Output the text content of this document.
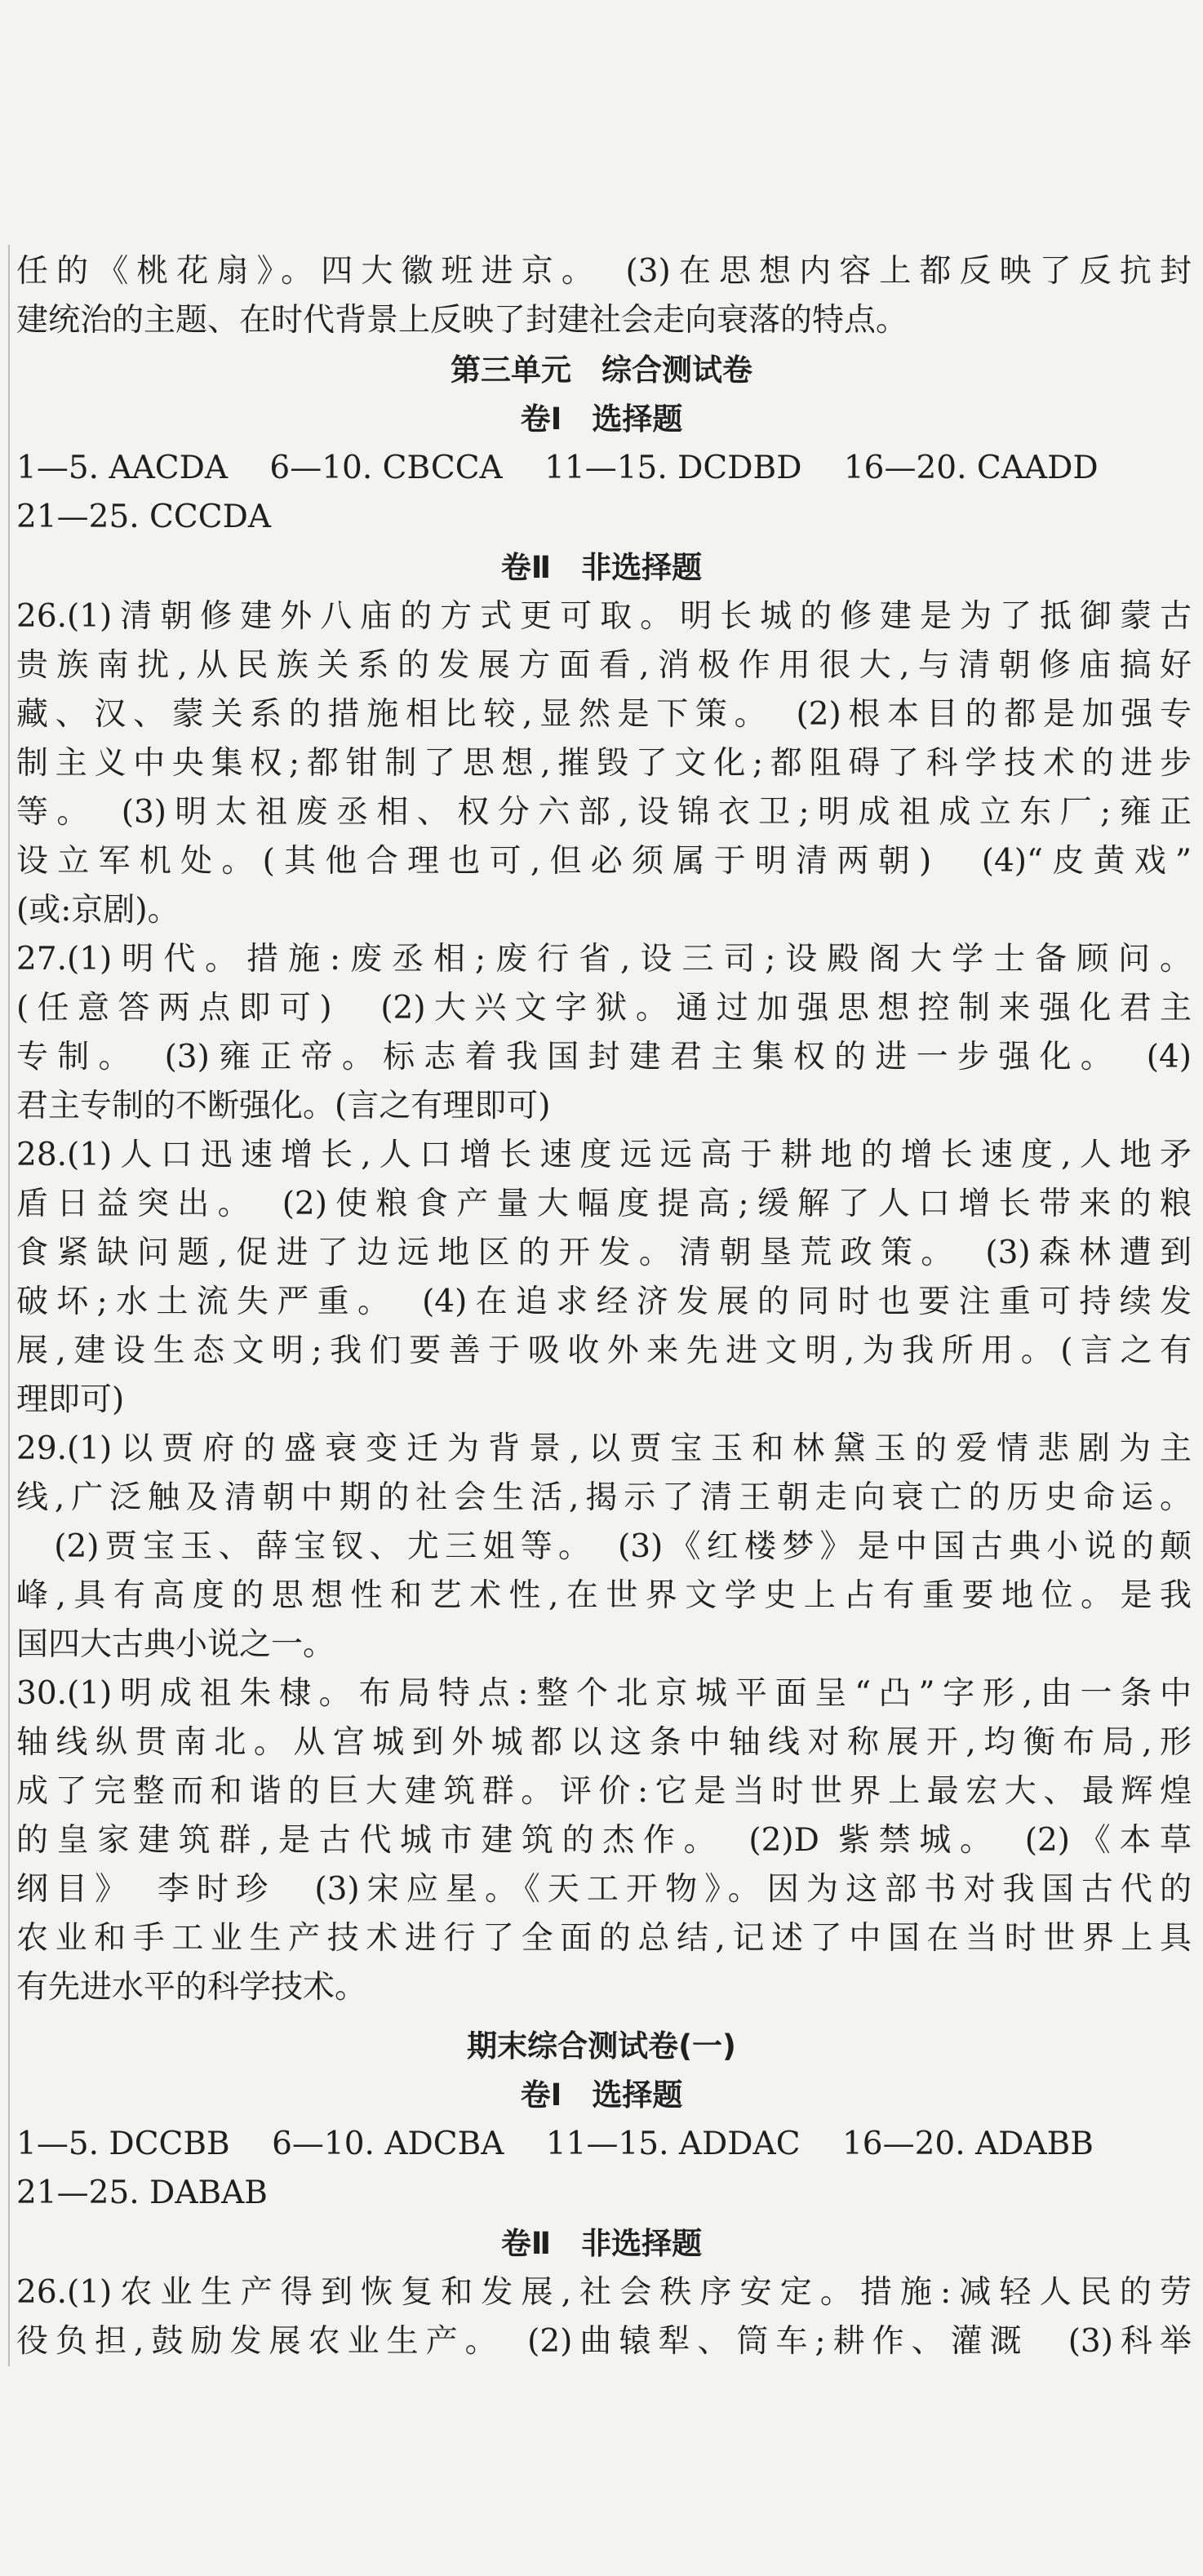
任的《桃花扇》。四大徽班进京。　(3)在思想内容上都反映了反抗封
建统治的主题、在时代背景上反映了封建社会走向衰落的特点。
第三单元　综合测试卷
卷Ⅰ　选择题
1—5. AACDA　 6—10. CBCCA　 11—15. DCDBD　 16—20. CAADD
21—25. CCCDA
卷Ⅱ　非选择题
26.(1)清朝修建外八庙的方式更可取。明长城的修建是为了抵御蒙古
贵族南扰,从民族关系的发展方面看,消极作用很大,与清朝修庙搞好
藏、汉、蒙关系的措施相比较,显然是下策。　(2)根本目的都是加强专
制主义中央集权;都钳制了思想,摧毁了文化;都阻碍了科学技术的进步
等。　(3)明太祖废丞相、权分六部,设锦衣卫;明成祖成立东厂;雍正
设立军机处。(其他合理也可,但必须属于明清两朝)　(4)“皮黄戏”
(或:京剧)。
27.(1)明代。措施:废丞相;废行省,设三司;设殿阁大学士备顾问。
(任意答两点即可)　(2)大兴文字狱。通过加强思想控制来强化君主
专制。　(3)雍正帝。标志着我国封建君主集权的进一步强化。　(4)
君主专制的不断强化。(言之有理即可)
28.(1)人口迅速增长,人口增长速度远远高于耕地的增长速度,人地矛
盾日益突出。　(2)使粮食产量大幅度提高;缓解了人口增长带来的粮
食紧缺问题,促进了边远地区的开发。清朝垦荒政策。　(3)森林遭到
破坏;水土流失严重。　(4)在追求经济发展的同时也要注重可持续发
展,建设生态文明;我们要善于吸收外来先进文明,为我所用。(言之有
理即可)
29.(1)以贾府的盛衰变迁为背景,以贾宝玉和林黛玉的爱情悲剧为主
线,广泛触及清朝中期的社会生活,揭示了清王朝走向衰亡的历史命运。
　(2)贾宝玉、薛宝钗、尤三姐等。　(3)《红楼梦》是中国古典小说的颠
峰,具有高度的思想性和艺术性,在世界文学史上占有重要地位。是我
国四大古典小说之一。
30.(1)明成祖朱棣。布局特点:整个北京城平面呈“凸”字形,由一条中
轴线纵贯南北。从宫城到外城都以这条中轴线对称展开,均衡布局,形
成了完整而和谐的巨大建筑群。评价:它是当时世界上最宏大、最辉煌
的皇家建筑群,是古代城市建筑的杰作。　(2)D 紫禁城。　(2)《本草
纲目》　李时珍　(3)宋应星。《天工开物》。因为这部书对我国古代的
农业和手工业生产技术进行了全面的总结,记述了中国在当时世界上具
有先进水平的科学技术。
期末综合测试卷(一)
卷Ⅰ　选择题
1—5. DCCBB　 6—10. ADCBA　 11—15. ADDAC　 16—20. ADABB
21—25. DABAB
卷Ⅱ　非选择题
26.(1)农业生产得到恢复和发展,社会秩序安定。措施:减轻人民的劳
役负担,鼓励发展农业生产。　(2)曲辕犁、筒车;耕作、灌溉　(3)科举
